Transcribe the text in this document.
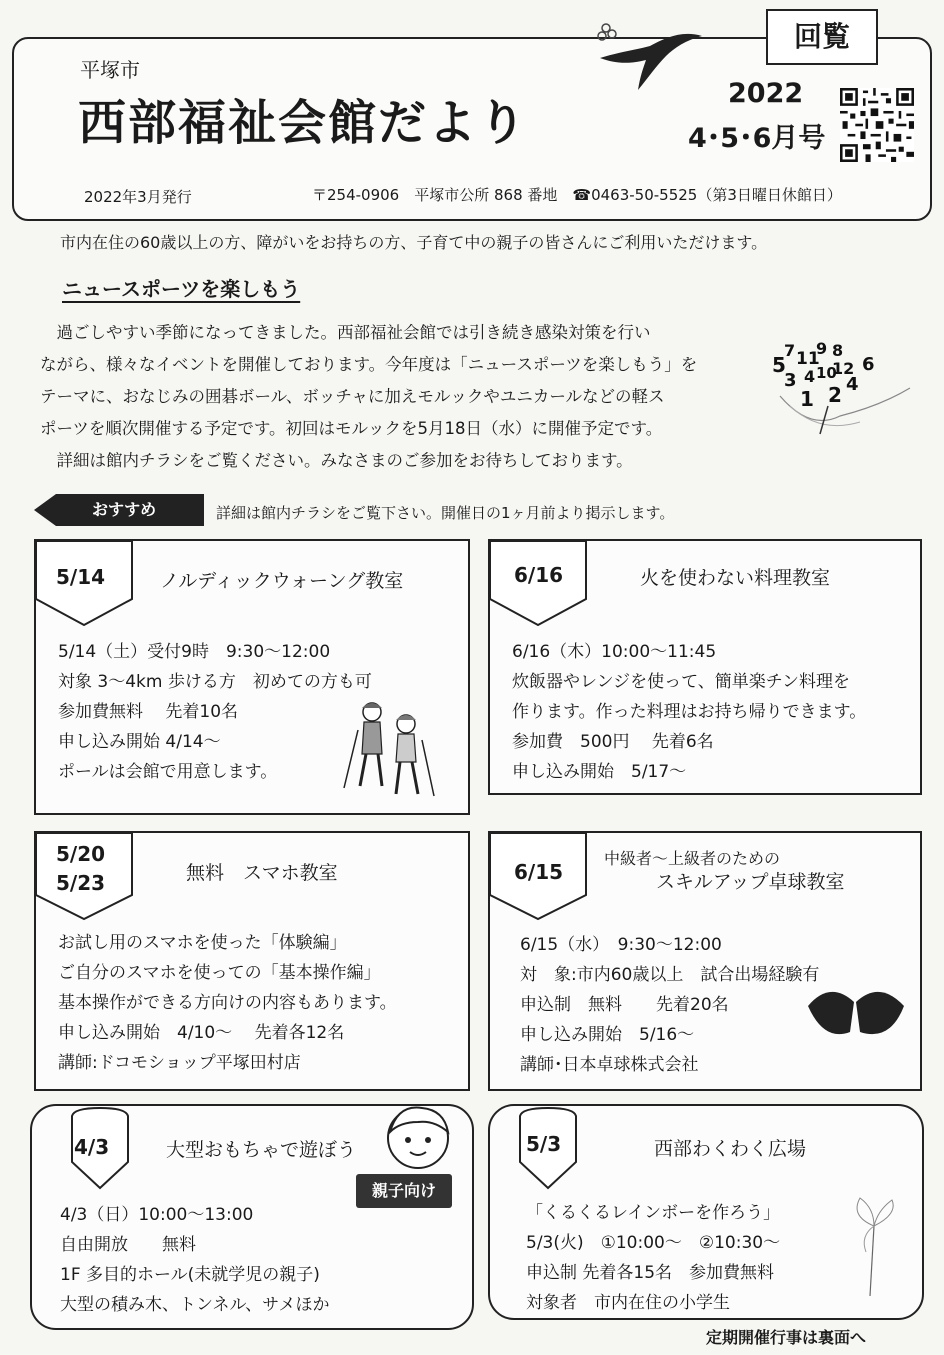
平塚市
西部福祉会館だより
2022
4･5･6月号
2022年3月発行	〒254-0906　平塚市公所 868 番地　☎0463-50-5525（第3日曜日休館日）
回覧
市内在住の60歳以上の方、障がいをお持ちの方、子育て中の親子の皆さんにご利用いただけます。
ニュースポーツを楽しもう

　過ごしやすい季節になってきました。西部福祉会館では引き続き感染対策を行い

ながら、様々なイベントを開催しております。今年度は「ニュースポーツを楽しもう」を

テーマに、おなじみの囲碁ボール、ボッチャに加えモルックやユニカールなどの軽ス

ポーツを順次開催する予定です。初回はモルックを5月18日（水）に開催予定です。

　詳細は館内チラシをご覧ください。みなさまのご参加をお待ちしております。

5
7 11
9 8
12 6
3 4 10
1 2 4
おすすめ	詳細は館内チラシをご覧下さい。開催日の1ヶ月前より掲示します。
5/14	ノルディックウォーング教室
5/14（土）受付9時　9:30～12:00
対象 3～4km 歩ける方　初めての方も可
参加費無料　 先着10名
申し込み開始 4/14～
ポールは会館で用意します。
6/16	火を使わない料理教室
6/16（木）10:00～11:45
炊飯器やレンジを使って、簡単楽チン料理を
作ります。作った料理はお持ち帰りできます。
参加費　500円　 先着6名
申し込み開始　5/17～
5/20
5/23	無料　スマホ教室
お試し用のスマホを使った「体験編」
ご自分のスマホを使っての「基本操作編」
基本操作ができる方向けの内容もあります。
申し込み開始　4/10～　 先着各12名
講師:ドコモショップ平塚田村店
6/15
中級者～上級者のための
スキルアップ卓球教室
6/15（水）　9:30～12:00
対　象:市内60歳以上　試合出場経験有
申込制　無料　　先着20名
申し込み開始　5/16～
講師･日本卓球株式会社
4/3	大型おもちゃで遊ぼう
親子向け
4/3（日）10:00～13:00
自由開放　　無料
1F 多目的ホール(未就学児の親子)
大型の積み木、トンネル、サメほか
5/3	西部わくわく広場
「くるくるレインボーを作ろう」
5/3(火)　①10:00～　②10:30～
申込制 先着各15名　参加費無料
対象者　市内在住の小学生
定期開催行事は裏面へ
